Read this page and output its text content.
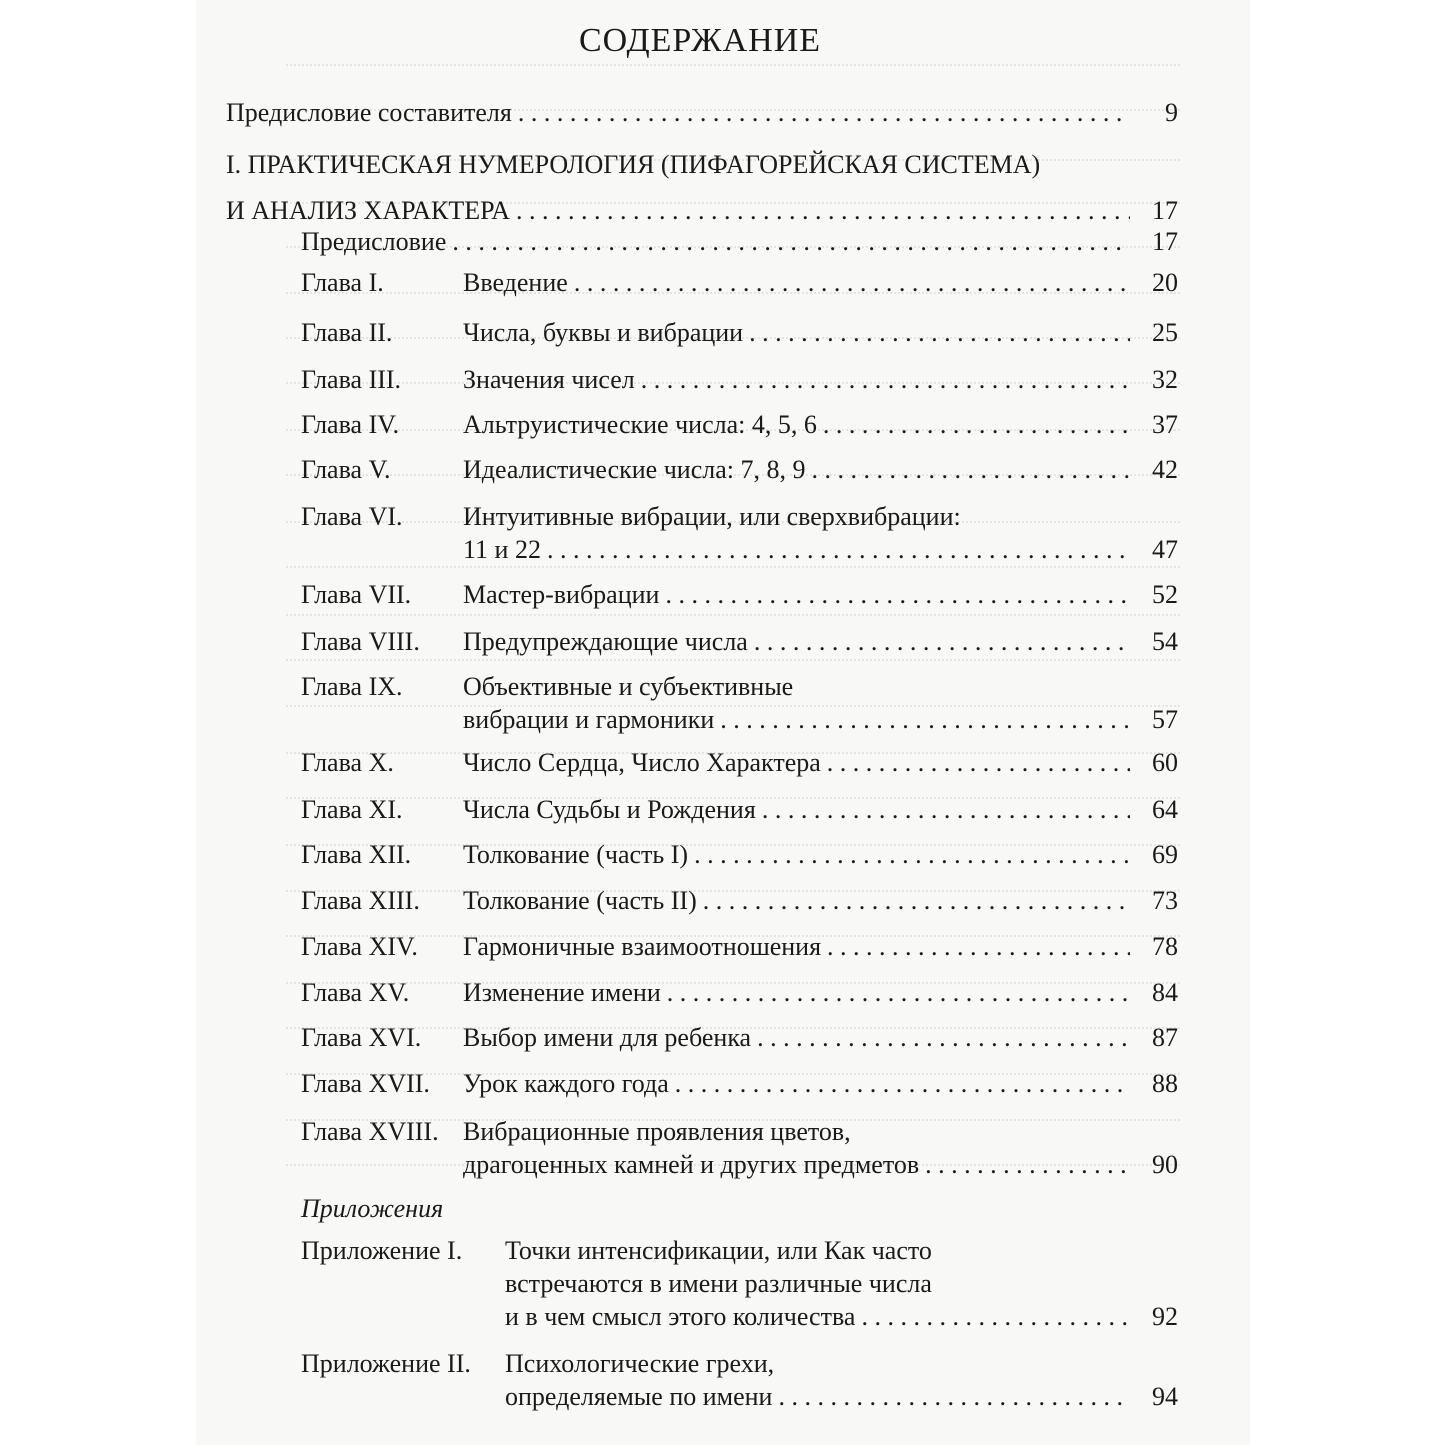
СОДЕРЖАНИЕ
Предисловие составителя . . .	9
I. ПРАКТИЧЕСКАЯ НУМЕРОЛОГИЯ (ПИФАГОРЕЙСКАЯ СИСТЕМА)
И АНАЛИЗ ХАРАКТЕРА . . .	17
Предисловие . . .	17
Глава I.	Введение . . .	20
Глава II.	Числа, буквы и вибрации . . .	25
Глава III. Значения чисел . . .	32
Глава IV. Альтруистические числа: 4, 5, 6 . . .	37
Глава V.	Идеалистические числа: 7, 8, 9 . . .	42
Глава VI. Интуитивные вибрации, или сверхвибрации:
11 и 22 . . .	47
Глава VII. Мастер-вибрации . . .	52
Глава VIII. Предупреждающие числа . . .	54
Глава IX. Объективные и субъективные
вибрации и гармоники . . .	57
Глава X.	Число Сердца, Число Характера . . .	60
Глава XI. Числа Судьбы и Рождения . . .	64
Глава XII. Толкование (часть I) . . .	69
Глава XIII. Толкование (часть II) . . .	73
Глава XIV. Гармоничные взаимоотношения . . .	78
Глава XV. Изменение имени . . .	84
Глава XVI. Выбор имени для ребенка . . .	87
Глава XVII. Урок каждого года . . .	88
Глава XVIII. Вибрационные проявления цветов,
драгоценных камней и других предметов . . .	90
Приложения
Приложение I. Точки интенсификации, или Как часто
встречаются в имени различные числа
и в чем смысл этого количества . . .	92
Приложение II. Психологические грехи,
определяемые по имени . . .	94
